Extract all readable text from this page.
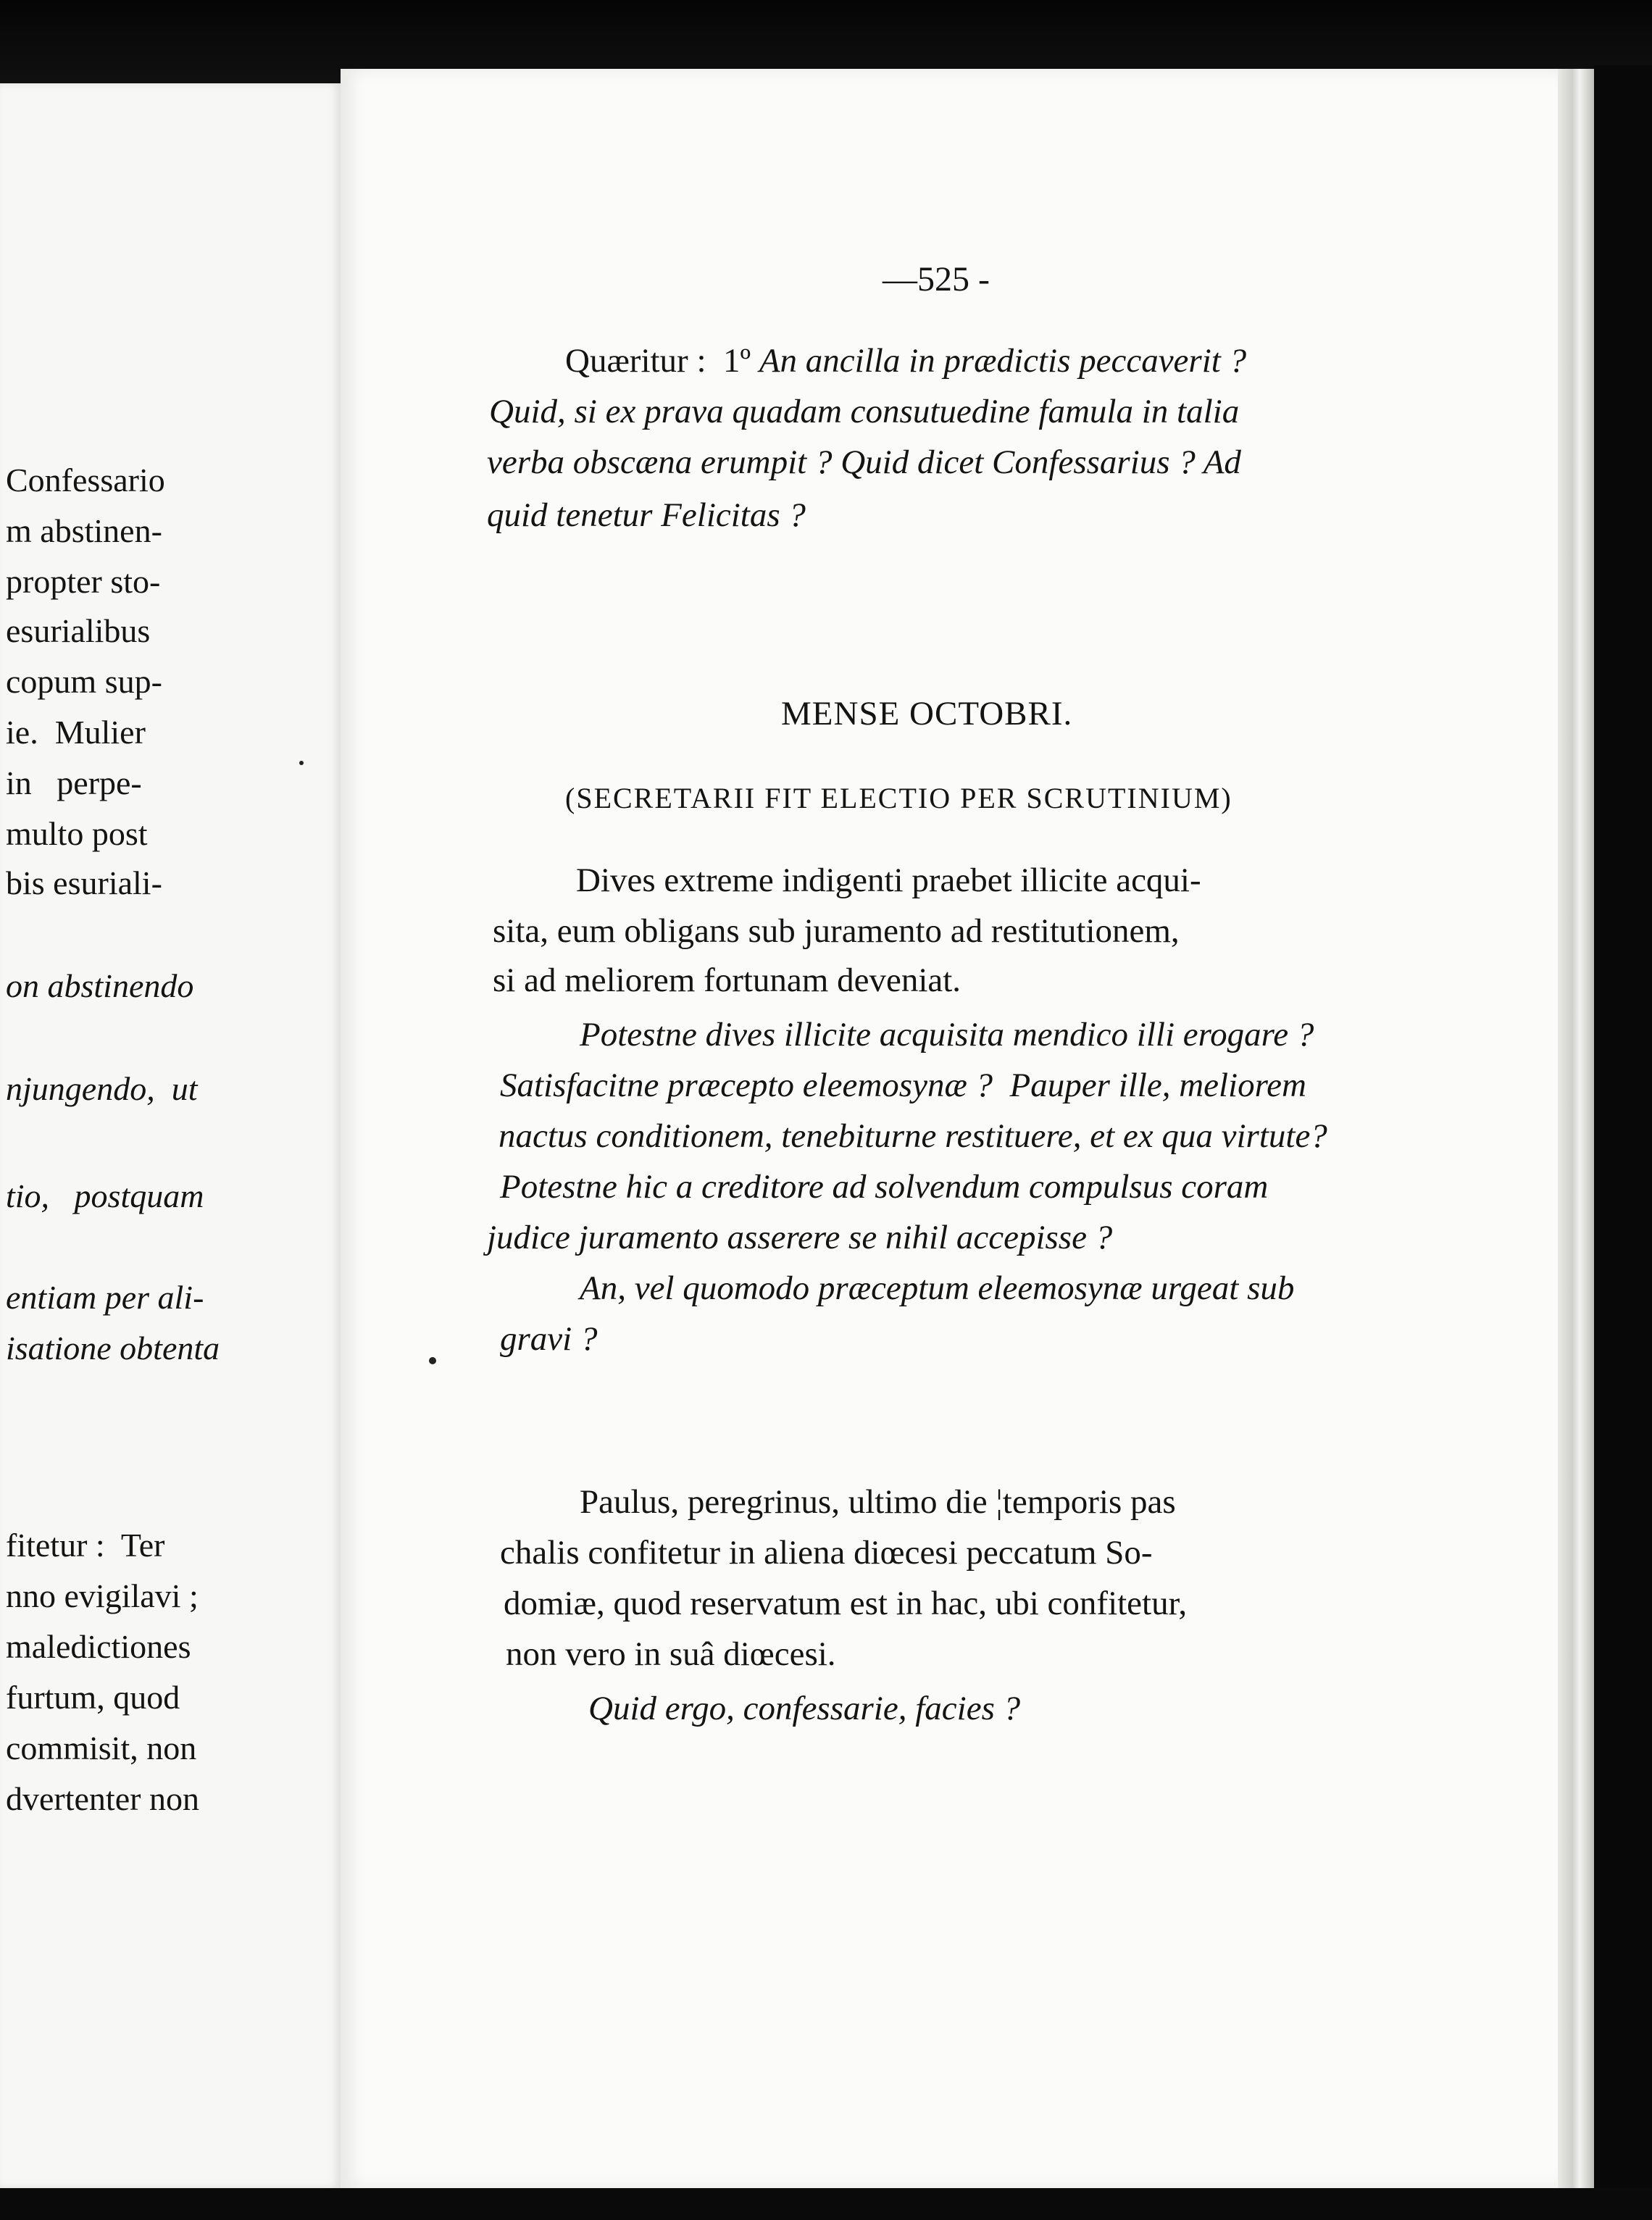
Confessario
m abstinen-
propter sto-
esurialibus
copum sup-
ie.  Mulier
in   perpe-
multo post
bis esuriali-
on abstinendo
njungendo,  ut
tio,   postquam
entiam per ali-
isatione obtenta
fitetur :  Ter
nno evigilavi ;
maledictiones
furtum, quod
commisit, non
dvertenter non
—525 -
Quæritur :  1º An ancilla in prædictis peccaverit ?
Quid, si ex prava quadam consutuedine famula in talia
verba obscæna erumpit ? Quid dicet Confessarius ? Ad
quid tenetur Felicitas ?
MENSE OCTOBRI.
(SECRETARII FIT ELECTIO PER SCRUTINIUM)
Dives extreme indigenti praebet illicite acqui-
sita, eum obligans sub juramento ad restitutionem,
si ad meliorem fortunam deveniat.
Potestne dives illicite acquisita mendico illi erogare ?
Satisfacitne præcepto eleemosynæ ?  Pauper ille, meliorem
nactus conditionem, tenebiturne restituere, et ex qua virtute?
Potestne hic a creditore ad solvendum compulsus coram
judice juramento asserere se nihil accepisse ?
An, vel quomodo præceptum eleemosynæ urgeat sub
gravi ?
Paulus, peregrinus, ultimo die ¦temporis pas
chalis confitetur in aliena diœcesi peccatum So-
domiæ, quod reservatum est in hac, ubi confitetur,
non vero in suâ diœcesi.
Quid ergo, confessarie, facies ?
